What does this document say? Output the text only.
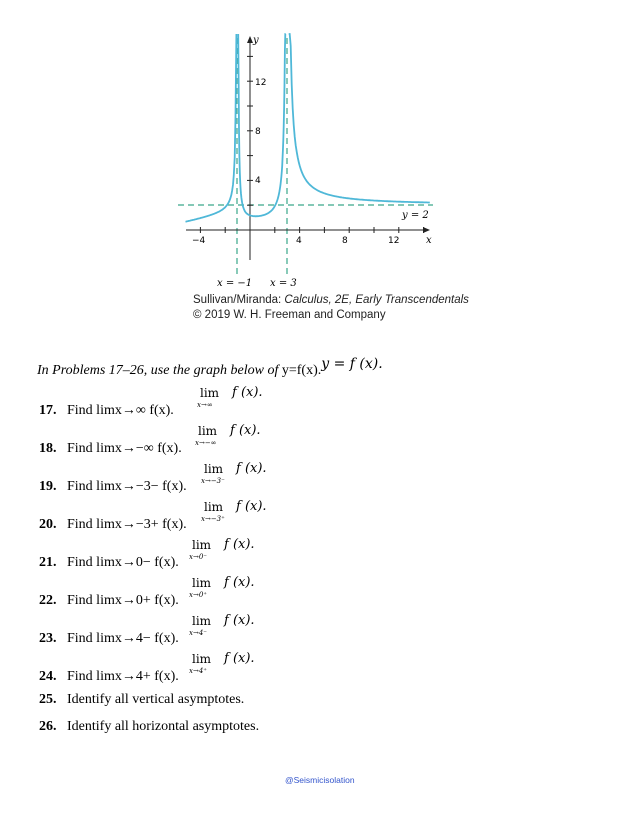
y
x
12
8
4
−4	4	8	12
y = 2
x = −1 x = 3
Sullivan/Miranda: Calculus, 2E, Early Transcendentals
© 2019 W. H. Freeman and Company
In Problems 17–26, use the graph below of y=f(x).y = f (x).
17. Find limx→∞ f(x).
lim
x→∞
f (x).
18. Find limx→−∞ f(x).
lim
x→−∞
f (x).
19. Find limx→−3− f(x).
lim
x→−3⁻
f (x).
20. Find limx→−3+ f(x).
lim
x→−3⁺
f (x).
21. Find limx→0− f(x).
lim
x→0⁻
f (x).
22. Find limx→0+ f(x).
lim
x→0⁺
f (x).
23. Find limx→4− f(x).
lim
x→4⁻
f (x).
24. Find limx→4+ f(x).
lim
x→4⁺
f (x).
25. Identify all vertical asymptotes.
26. Identify all horizontal asymptotes.
@Seismicisolation
